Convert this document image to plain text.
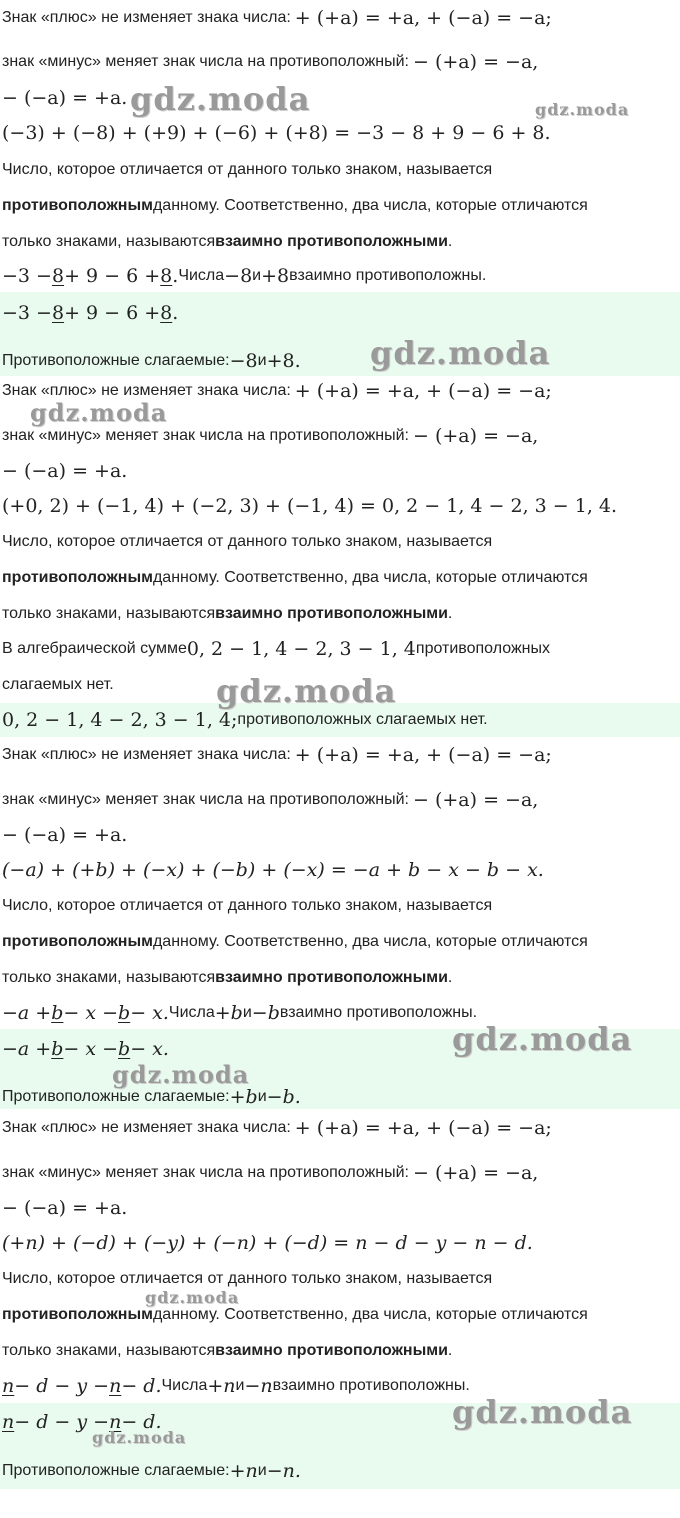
Знак «плюс» не изменяет знака числа: + (+a) = +a, + (−a) = −a;
знак «минус» меняет знак числа на противоположный: − (+a) = −a,
− (−a) = +a.
(−3) + (−8) + (+9) + (−6) + (+8) = −3 − 8 + 9 − 6 + 8.
Число, которое отличается от данного только знаком, называется
противоположным данному. Соответственно, два числа, которые отличаются
только знаками, называются взаимно противоположными .
−3 − 8 + 9 − 6 + 8 . Числа −8 и +8 взаимно противоположны.
−3 − 8 + 9 − 6 + 8 .
Противоположные слагаемые: −8 и +8.
Знак «плюс» не изменяет знака числа: + (+a) = +a, + (−a) = −a;
знак «минус» меняет знак числа на противоположный: − (+a) = −a,
− (−a) = +a.
(+0, 2) + (−1, 4) + (−2, 3) + (−1, 4) = 0, 2 − 1, 4 − 2, 3 − 1, 4.
Число, которое отличается от данного только знаком, называется
противоположным данному. Соответственно, два числа, которые отличаются
только знаками, называются взаимно противоположными .
В алгебраической сумме 0, 2 − 1, 4 − 2, 3 − 1, 4 противоположных
слагаемых нет.
0, 2 − 1, 4 − 2, 3 − 1, 4; противоположных слагаемых нет.
Знак «плюс» не изменяет знака числа: + (+a) = +a, + (−a) = −a;
знак «минус» меняет знак числа на противоположный: − (+a) = −a,
− (−a) = +a.
(−a) + (+b) + (−x) + (−b) + (−x) = −a + b − x − b − x.
Число, которое отличается от данного только знаком, называется
противоположным данному. Соответственно, два числа, которые отличаются
только знаками, называются взаимно противоположными .
−a + b − x − b − x. Числа +b и −b взаимно противоположны.
−a + b − x − b − x.
Противоположные слагаемые: +b и −b.
Знак «плюс» не изменяет знака числа: + (+a) = +a, + (−a) = −a;
знак «минус» меняет знак числа на противоположный: − (+a) = −a,
− (−a) = +a.
(+n) + (−d) + (−y) + (−n) + (−d) = n − d − y − n − d.
Число, которое отличается от данного только знаком, называется
противоположным данному. Соответственно, два числа, которые отличаются
только знаками, называются взаимно противоположными .
n − d − y − n − d. Числа +n и −n взаимно противоположны.
n − d − y − n − d.
Противоположные слагаемые: +n и −n.
gdz.moda	gdz.moda
gdz.moda
gdz.moda
gdz.moda
gdz.moda
gdz.moda
gdz.moda
gdz.moda
gdz.moda
